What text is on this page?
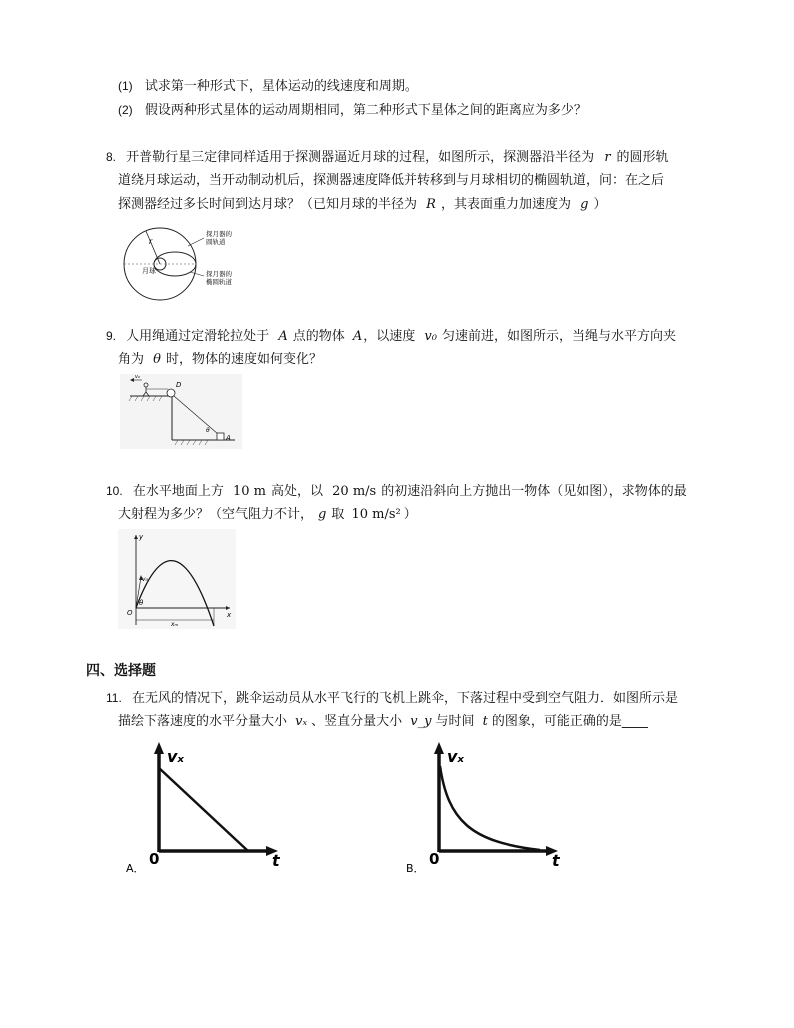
(1) 试求第一种形式下，星体运动的线速度和周期。
(2) 假设两种形式星体的运动周期相同，第二种形式下星体之间的距离应为多少？
8. 开普勒行星三定律同样适用于探测器逼近月球的过程，如图所示，探测器沿半径为 r 的圆形轨
道绕月球运动，当开动制动机后，探测器速度降低并转移到与月球相切的椭圆轨道，问：在之后
探测器经过多长时间到达月球？（已知月球的半径为 R ，其表面重力加速度为 g ）
r
月球
探月器的
圆轨道
探月器的
椭圆轨道
9. 人用绳通过定滑轮拉处于 A 点的物体 A，以速度 v₀ 匀速前进，如图所示，当绳与水平方向夹
角为 θ 时，物体的速度如何变化？
v₀
D
θ
A
10. 在水平地面上方 10 m 高处，以 20 m/s 的初速沿斜向上方抛出一物体（见如图），求物体的最
大射程为多少？（空气阻力不计， g 取 10 m/s² ）
y
O	x
v₀
θ
xₘ
四、选择题
11. 在无风的情况下，跳伞运动员从水平飞行的飞机上跳伞，下落过程中受到空气阻力．如图所示是
描绘下落速度的水平分量大小 vₓ 、竖直分量大小 v_y 与时间 t 的图象，可能正确的是____
vₓ
0	t
A．
vₓ
0	t
B．
